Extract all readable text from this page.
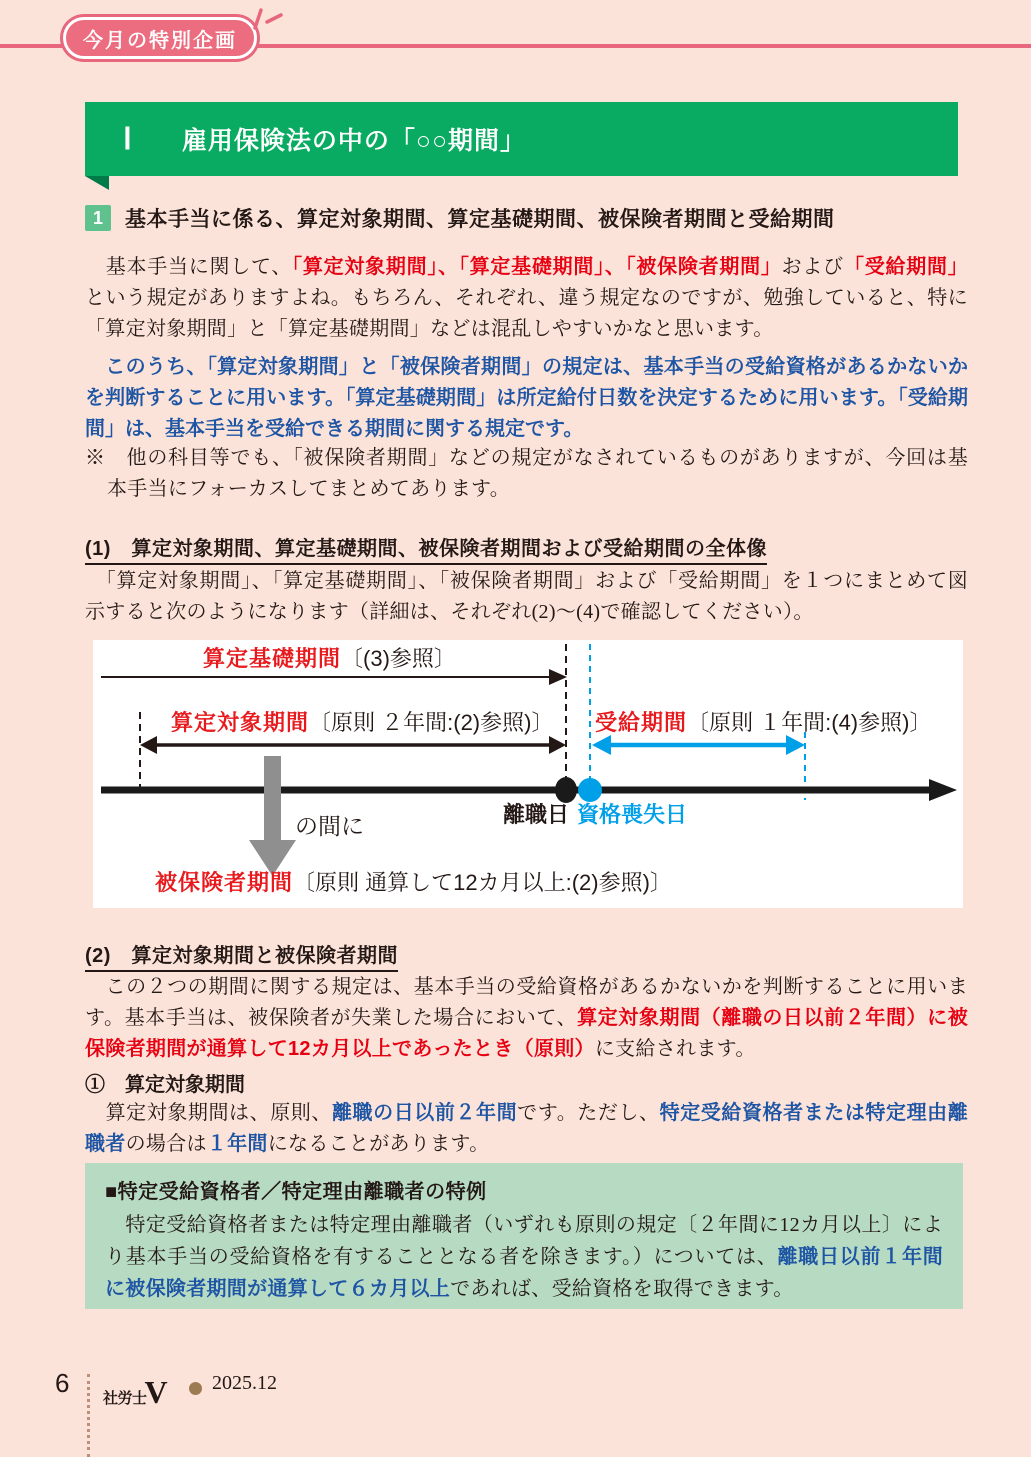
今月の特別企画
Ⅰ 雇用保険法の中の「○○期間」
1	基本手当に係る、算定対象期間、算定基礎期間、被保険者期間と受給期間

　基本手当に関して、「算定対象期間」、「算定基礎期間」、「被保険者期間」および「受給期間」という規定がありますよね。もちろん、それぞれ、違う規定なのですが、勉強していると、特に「算定対象期間」と「算定基礎期間」などは混乱しやすいかなと思います。

　このうち、「算定対象期間」と「被保険者期間」の規定は、基本手当の受給資格があるかないかを判断することに用います。「算定基礎期間」は所定給付日数を決定するために用います。「受給期間」は、基本手当を受給できる期間に関する規定です。

※　他の科目等でも、「被保険者期間」などの規定がなされているものがありますが、今回は基本手当にフォーカスしてまとめてあります。

(1)　算定対象期間、算定基礎期間、被保険者期間および受給期間の全体像

　「算定対象期間」、「算定基礎期間」、「被保険者期間」および「受給期間」を１つにまとめて図示すると次のようになります（詳細は、それぞれ(2)～(4)で確認してください）。

算定基礎期間〔(3)参照〕
算定対象期間〔原則 ２年間:(2)参照)〕 受給期間〔原則 １年間:(4)参照)〕
離職日 資格喪失日
の間に
被保険者期間〔原則 通算して12カ月以上:(2)参照)〕
(2)　算定対象期間と被保険者期間

　この２つの期間に関する規定は、基本手当の受給資格があるかないかを判断することに用います。基本手当は、被保険者が失業した場合において、算定対象期間（離職の日以前２年間）に被保険者期間が通算して12カ月以上であったとき（原則）に支給されます。

①　算定対象期間

　算定対象期間は、原則、離職の日以前２年間です。ただし、特定受給資格者または特定理由離職者の場合は１年間になることがあります。

■特定受給資格者／特定理由離職者の特例

　特定受給資格者または特定理由離職者（いずれも原則の規定〔２年間に12カ月以上〕により基本手当の受給資格を有することとなる者を除きます。）については、離職日以前１年間に被保険者期間が通算して６カ月以上であれば、受給資格を取得できます。

6
社労士
V 2025.12
